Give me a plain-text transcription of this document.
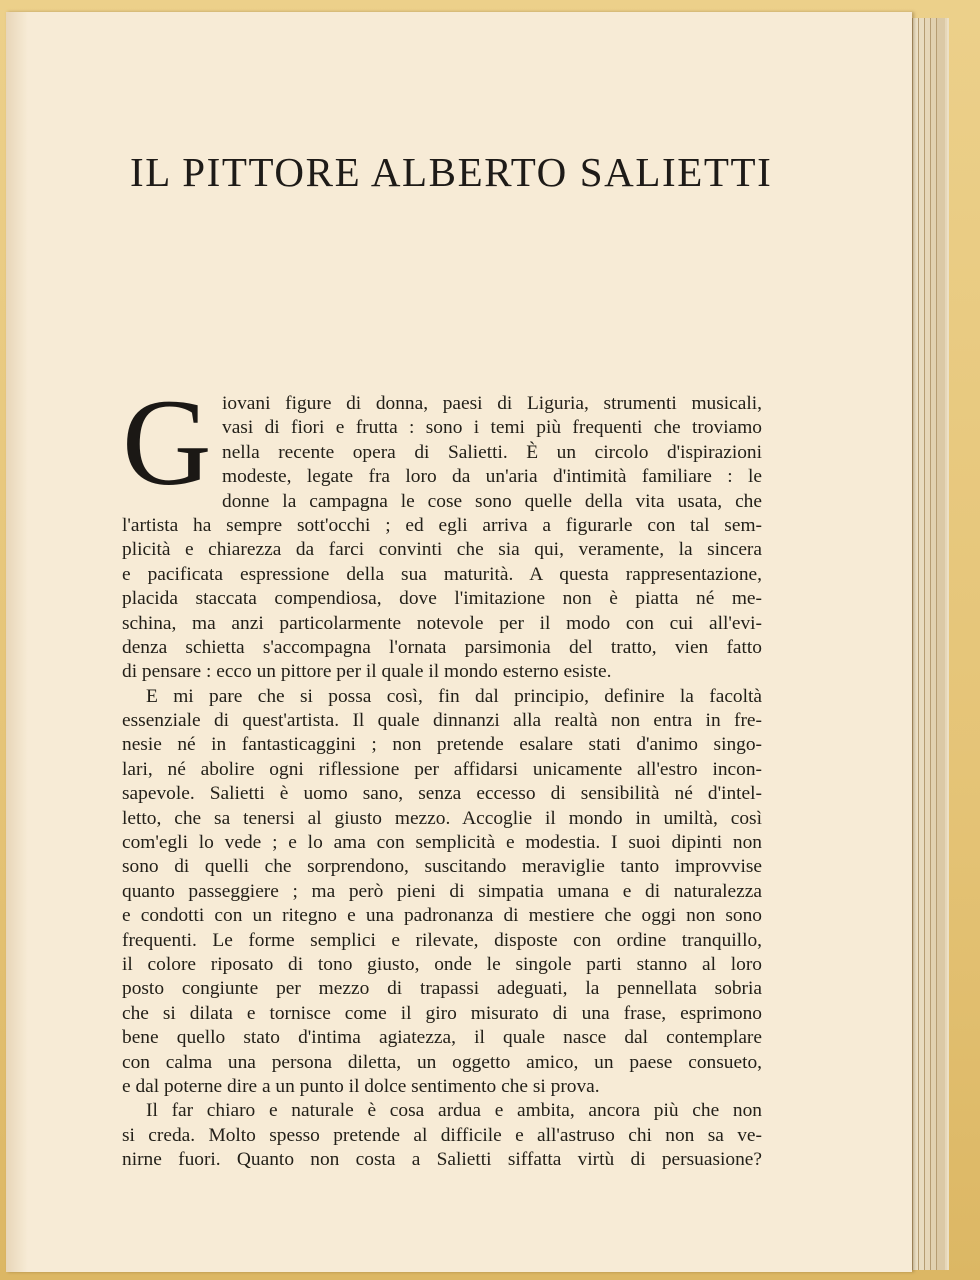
IL PITTORE ALBERTO SALIETTI
G iovani figure di donna, paesi di Liguria, strumenti musicali,
vasi di fiori e frutta : sono i temi più frequenti che troviamo
nella recente opera di Salietti. È un circolo d'ispirazioni
modeste, legate fra loro da un'aria d'intimità familiare : le
donne la campagna le cose sono quelle della vita usata, che
l'artista ha sempre sott'occhi ; ed egli arriva a figurarle con tal sem-
plicità e chiarezza da farci convinti che sia qui, veramente, la sincera
e pacificata espressione della sua maturità. A questa rappresentazione,
placida staccata compendiosa, dove l'imitazione non è piatta né me-
schina, ma anzi particolarmente notevole per il modo con cui all'evi-
denza schietta s'accompagna l'ornata parsimonia del tratto, vien fatto
di pensare : ecco un pittore per il quale il mondo esterno esiste.
E mi pare che si possa così, fin dal principio, definire la facoltà
essenziale di quest'artista. Il quale dinnanzi alla realtà non entra in fre-
nesie né in fantasticaggini ; non pretende esalare stati d'animo singo-
lari, né abolire ogni riflessione per affidarsi unicamente all'estro incon-
sapevole. Salietti è uomo sano, senza eccesso di sensibilità né d'intel-
letto, che sa tenersi al giusto mezzo. Accoglie il mondo in umiltà, così
com'egli lo vede ; e lo ama con semplicità e modestia. I suoi dipinti non
sono di quelli che sorprendono, suscitando meraviglie tanto improvvise
quanto passeggiere ; ma però pieni di simpatia umana e di naturalezza
e condotti con un ritegno e una padronanza di mestiere che oggi non sono
frequenti. Le forme semplici e rilevate, disposte con ordine tranquillo,
il colore riposato di tono giusto, onde le singole parti stanno al loro
posto congiunte per mezzo di trapassi adeguati, la pennellata sobria
che si dilata e tornisce come il giro misurato di una frase, esprimono
bene quello stato d'intima agiatezza, il quale nasce dal contemplare
con calma una persona diletta, un oggetto amico, un paese consueto,
e dal poterne dire a un punto il dolce sentimento che si prova.
Il far chiaro e naturale è cosa ardua e ambita, ancora più che non
si creda. Molto spesso pretende al difficile e all'astruso chi non sa ve-
nirne fuori. Quanto non costa a Salietti siffatta virtù di persuasione?
